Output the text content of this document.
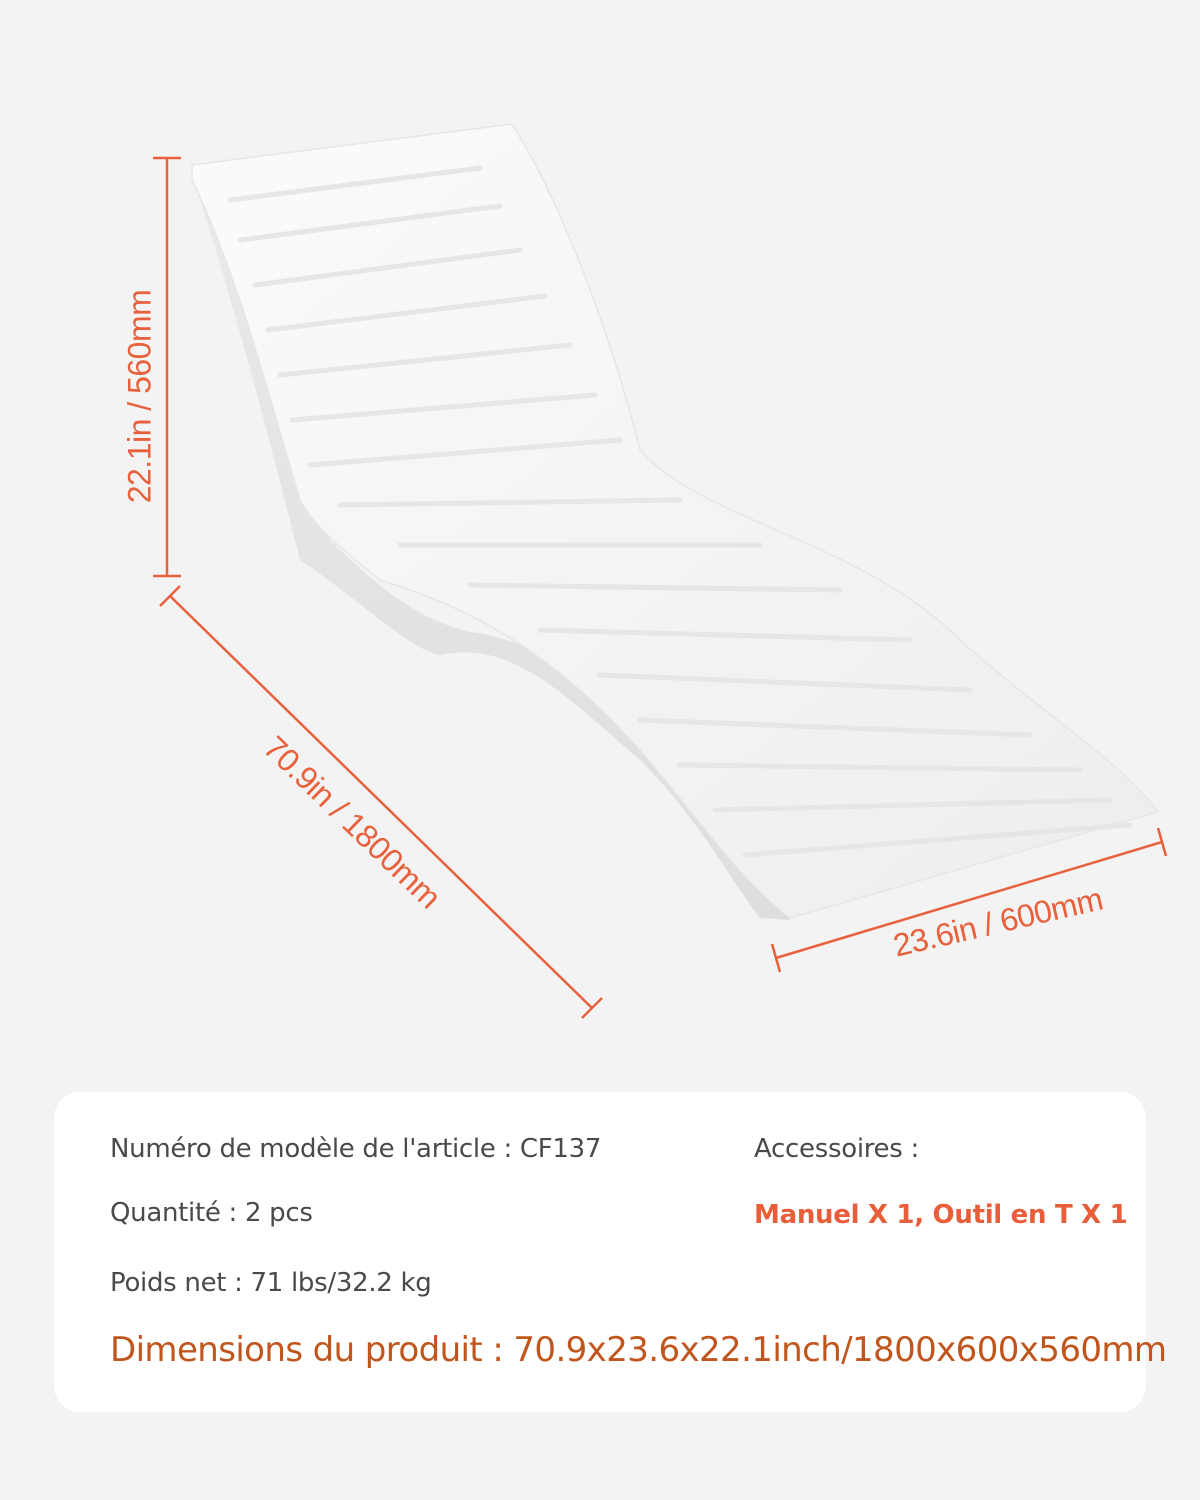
22.1in / 560mm
70.9in / 1800mm
23.6in / 600mm
Numéro de modèle de l'article : CF137	Accessoires :
Quantité : 2 pcs	Manuel X 1, Outil en T X 1
Poids net : 71 lbs/32.2 kg
Dimensions du produit : 70.9x23.6x22.1inch/1800x600x560mm
